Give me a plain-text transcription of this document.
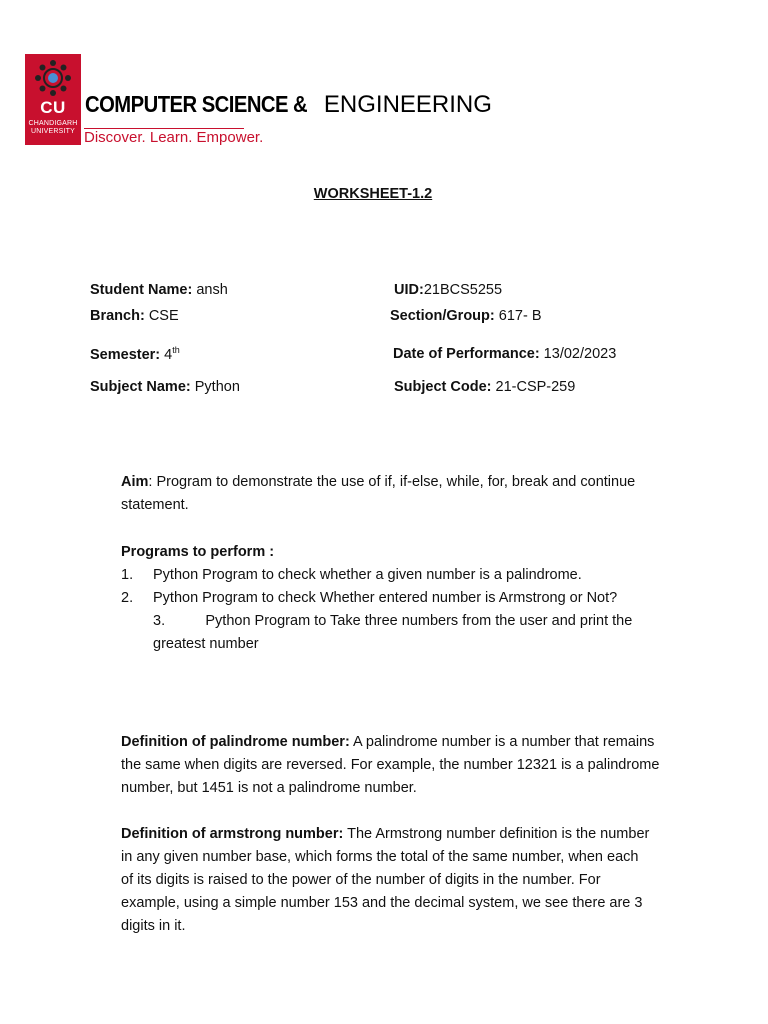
CU
CHANDIGARH
UNIVERSITY
COMPUTER SCIENCE & ENGINEERING
Discover. Learn. Empower.
WORKSHEET-1.2
Student Name: ansh	UID:21BCS5255
Branch: CSE	Section/Group: 617- B
Semester: 4th	Date of Performance: 13/02/2023
Subject Name: Python	Subject Code: 21-CSP-259
Aim: Program to demonstrate the use of if, if-else, while, for, break and continue statement.
Programs to perform :
1. Python Program to check whether a given number is a palindrome.
2. Python Program to check Whether entered number is Armstrong or Not? 3.          Python Program to Take three numbers from the user and print the greatest number
Definition of palindrome number: A palindrome number is a number that remains the same when digits are reversed. For example, the number 12321 is a palindrome number, but 1451 is not a palindrome number.
Definition of armstrong number: The Armstrong number definition is the number in any given number base, which forms the total of the same number, when each of its digits is raised to the power of the number of digits in the number. For example, using a simple number 153 and the decimal system, we see there are 3 digits in it.
